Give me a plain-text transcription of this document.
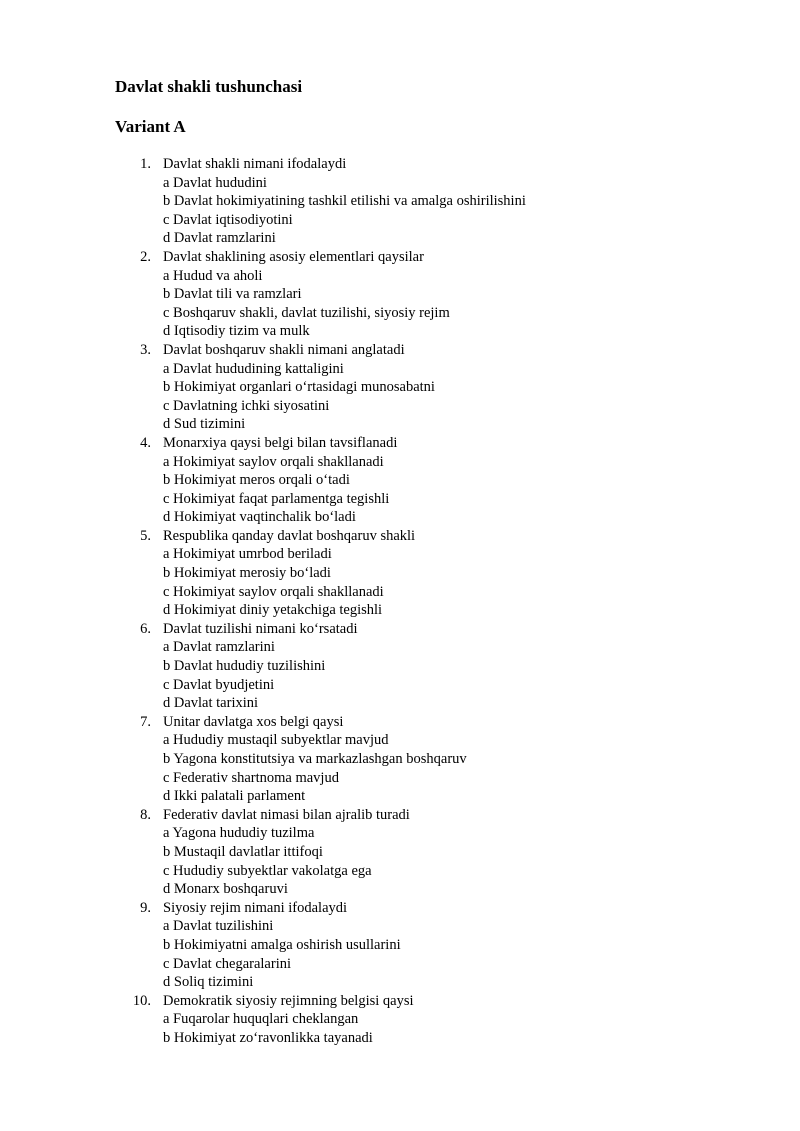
Davlat shakli tushunchasi
Variant A
1. Davlat shakli nimani ifodalaydi
a Davlat hududini
b Davlat hokimiyatining tashkil etilishi va amalga oshirilishini
c Davlat iqtisodiyotini
d Davlat ramzlarini
2. Davlat shaklining asosiy elementlari qaysilar
a Hudud va aholi
b Davlat tili va ramzlari
c Boshqaruv shakli, davlat tuzilishi, siyosiy rejim
d Iqtisodiy tizim va mulk
3. Davlat boshqaruv shakli nimani anglatadi
a Davlat hududining kattaligini
b Hokimiyat organlari o‘rtasidagi munosabatni
c Davlatning ichki siyosatini
d Sud tizimini
4. Monarxiya qaysi belgi bilan tavsiflanadi
a Hokimiyat saylov orqali shakllanadi
b Hokimiyat meros orqali o‘tadi
c Hokimiyat faqat parlamentga tegishli
d Hokimiyat vaqtinchalik bo‘ladi
5. Respublika qanday davlat boshqaruv shakli
a Hokimiyat umrbod beriladi
b Hokimiyat merosiy bo‘ladi
c Hokimiyat saylov orqali shakllanadi
d Hokimiyat diniy yetakchiga tegishli
6. Davlat tuzilishi nimani ko‘rsatadi
a Davlat ramzlarini
b Davlat hududiy tuzilishini
c Davlat byudjetini
d Davlat tarixini
7. Unitar davlatga xos belgi qaysi
a Hududiy mustaqil subyektlar mavjud
b Yagona konstitutsiya va markazlashgan boshqaruv
c Federativ shartnoma mavjud
d Ikki palatali parlament
8. Federativ davlat nimasi bilan ajralib turadi
a Yagona hududiy tuzilma
b Mustaqil davlatlar ittifoqi
c Hududiy subyektlar vakolatga ega
d Monarx boshqaruvi
9. Siyosiy rejim nimani ifodalaydi
a Davlat tuzilishini
b Hokimiyatni amalga oshirish usullarini
c Davlat chegaralarini
d Soliq tizimini
10. Demokratik siyosiy rejimning belgisi qaysi
a Fuqarolar huquqlari cheklangan
b Hokimiyat zo‘ravonlikka tayanadi
